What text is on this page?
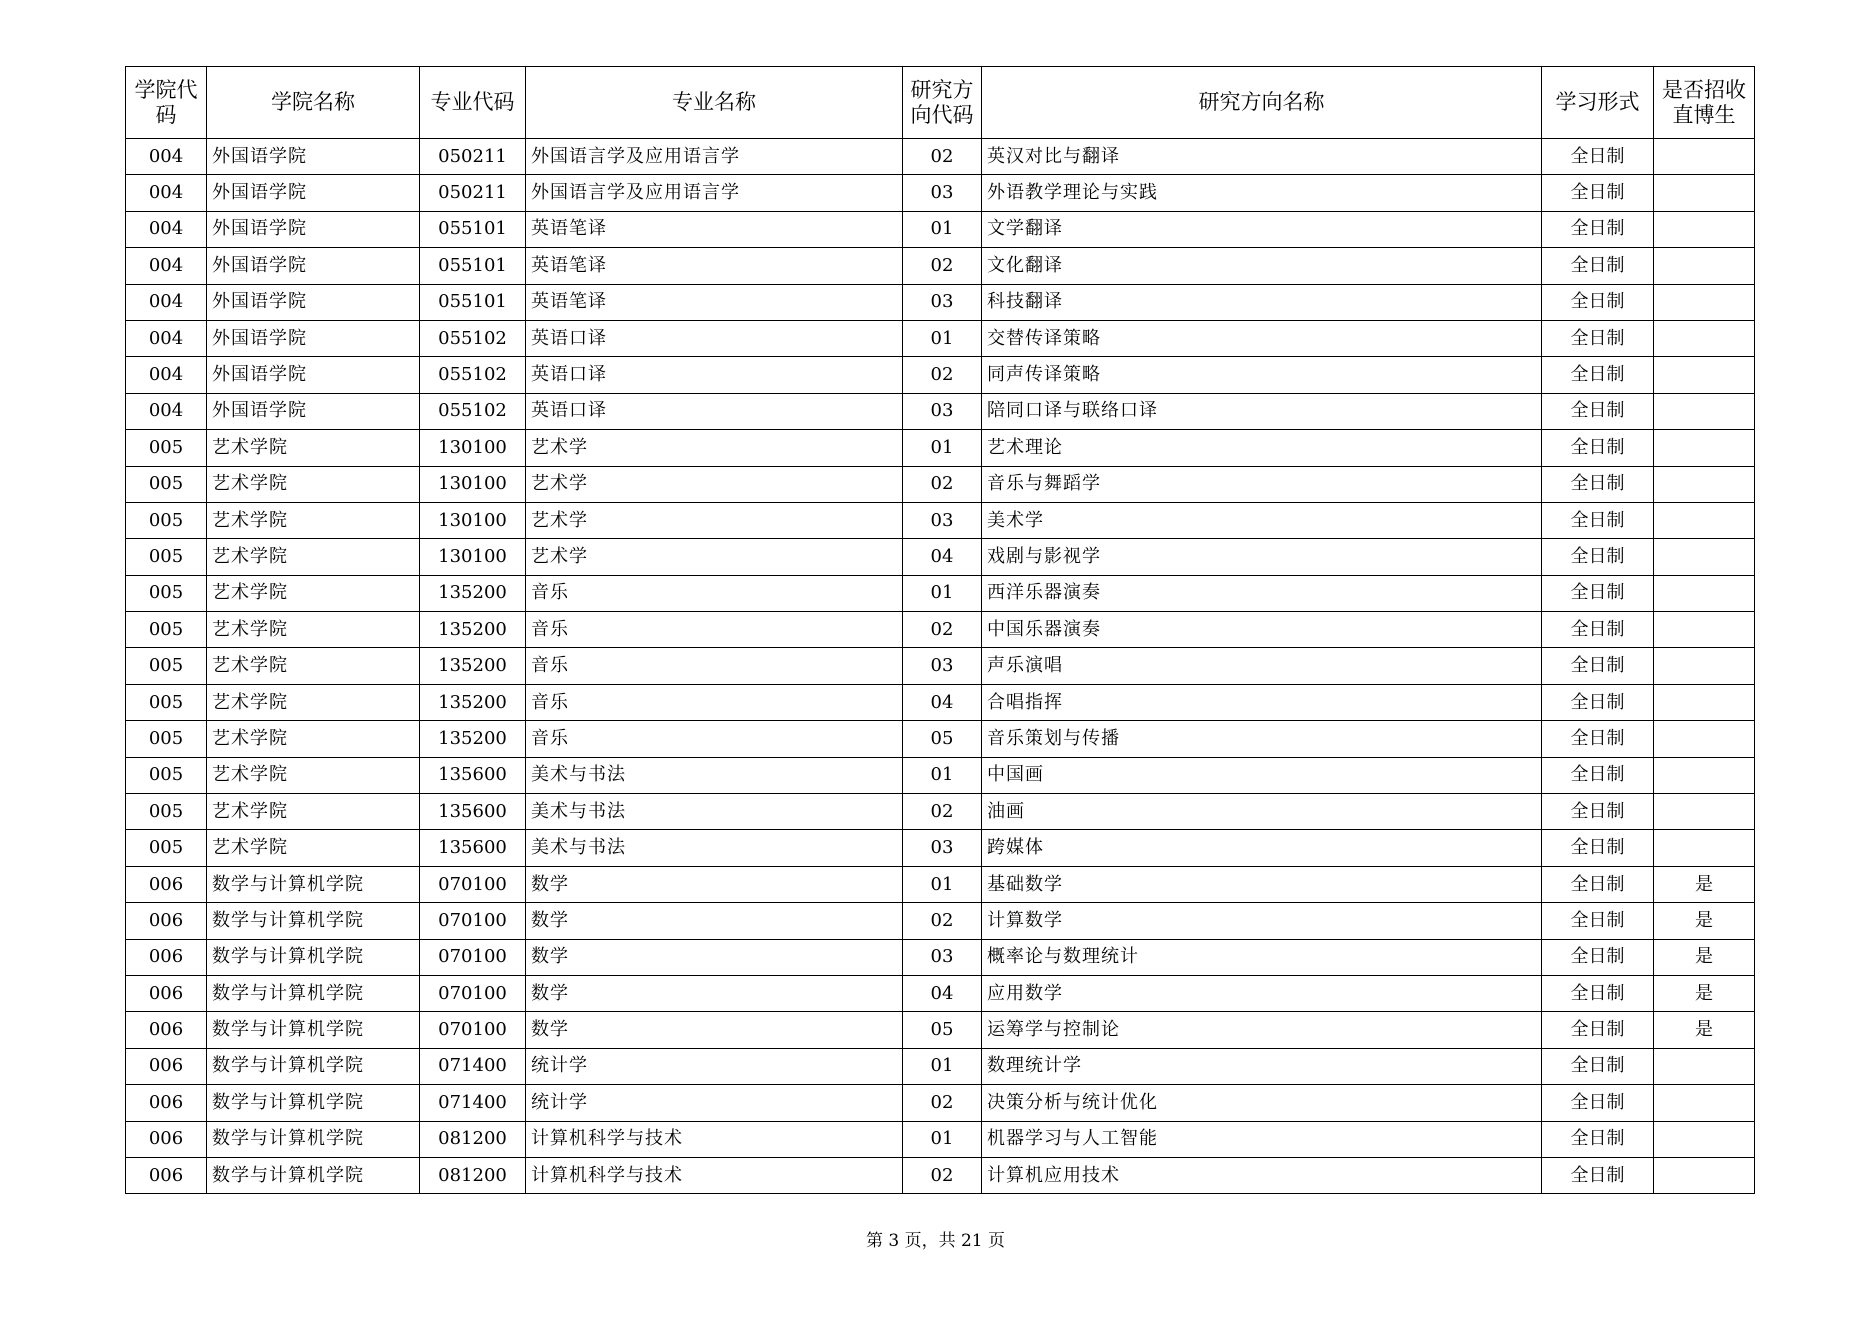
学院代码	学院名称	专业代码	专业名称	研究方向代码	研究方向名称	学习形式	是否招收直博生
004	外国语学院	050211	外国语言学及应用语言学	02	英汉对比与翻译	全日制	
004	外国语学院	050211	外国语言学及应用语言学	03	外语教学理论与实践	全日制	
004	外国语学院	055101	英语笔译	01	文学翻译	全日制	
004	外国语学院	055101	英语笔译	02	文化翻译	全日制	
004	外国语学院	055101	英语笔译	03	科技翻译	全日制	
004	外国语学院	055102	英语口译	01	交替传译策略	全日制	
004	外国语学院	055102	英语口译	02	同声传译策略	全日制	
004	外国语学院	055102	英语口译	03	陪同口译与联络口译	全日制	
005	艺术学院	130100	艺术学	01	艺术理论	全日制	
005	艺术学院	130100	艺术学	02	音乐与舞蹈学	全日制	
005	艺术学院	130100	艺术学	03	美术学	全日制	
005	艺术学院	130100	艺术学	04	戏剧与影视学	全日制	
005	艺术学院	135200	音乐	01	西洋乐器演奏	全日制	
005	艺术学院	135200	音乐	02	中国乐器演奏	全日制	
005	艺术学院	135200	音乐	03	声乐演唱	全日制	
005	艺术学院	135200	音乐	04	合唱指挥	全日制	
005	艺术学院	135200	音乐	05	音乐策划与传播	全日制	
005	艺术学院	135600	美术与书法	01	中国画	全日制	
005	艺术学院	135600	美术与书法	02	油画	全日制	
005	艺术学院	135600	美术与书法	03	跨媒体	全日制	
006	数学与计算机学院	070100	数学	01	基础数学	全日制	是
006	数学与计算机学院	070100	数学	02	计算数学	全日制	是
006	数学与计算机学院	070100	数学	03	概率论与数理统计	全日制	是
006	数学与计算机学院	070100	数学	04	应用数学	全日制	是
006	数学与计算机学院	070100	数学	05	运筹学与控制论	全日制	是
006	数学与计算机学院	071400	统计学	01	数理统计学	全日制	
006	数学与计算机学院	071400	统计学	02	决策分析与统计优化	全日制	
006	数学与计算机学院	081200	计算机科学与技术	01	机器学习与人工智能	全日制	
006	数学与计算机学院	081200	计算机科学与技术	02	计算机应用技术	全日制	
第 3 页，共 21 页
